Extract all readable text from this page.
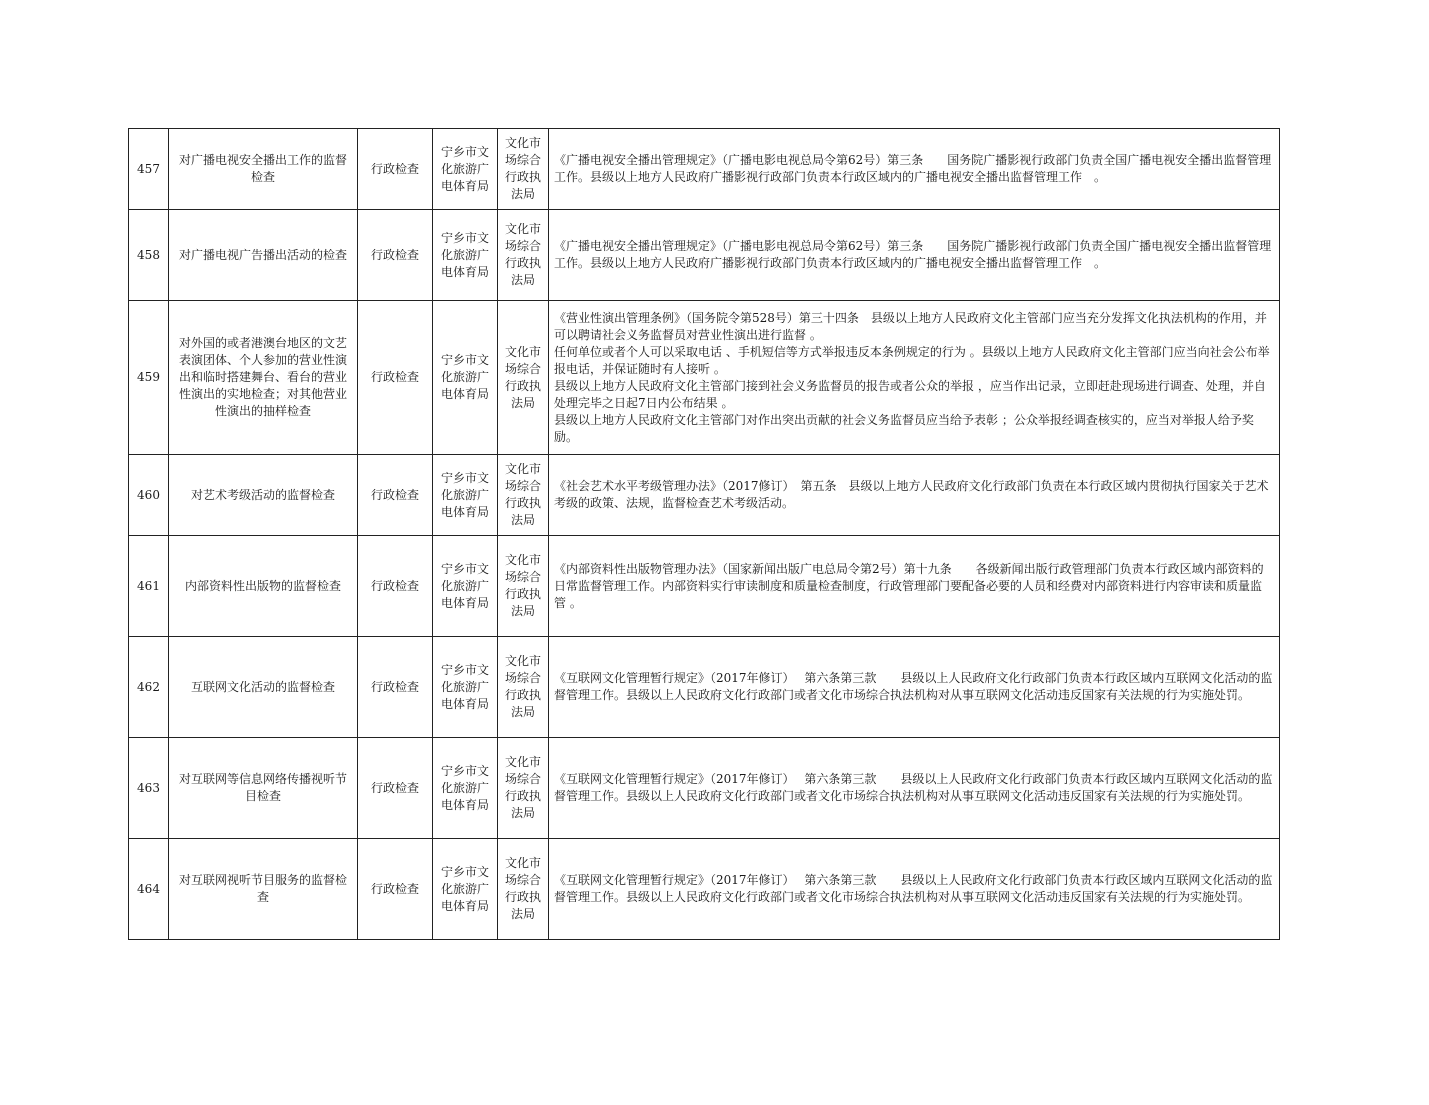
457	对广播电视安全播出工作的监督检查	行政检查	宁乡市文化旅游广电体育局	文化市场综合行政执法局	《广播电视安全播出管理规定》（广播电影电视总局令第62号）第三条　　国务院广播影视行政部门负责全国广播电视安全播出监督管理工作。县级以上地方人民政府广播影视行政部门负责本行政区域内的广播电视安全播出监督管理工作　。

458	对广播电视广告播出活动的检查	行政检查	宁乡市文化旅游广电体育局	文化市场综合行政执法局	《广播电视安全播出管理规定》（广播电影电视总局令第62号）第三条　　国务院广播影视行政部门负责全国广播电视安全播出监督管理工作。县级以上地方人民政府广播影视行政部门负责本行政区域内的广播电视安全播出监督管理工作　。

459	对外国的或者港澳台地区的文艺表演团体、个人参加的营业性演出和临时搭建舞台、看台的营业性演出的实地检查；对其他营业性演出的抽样检查	行政检查	宁乡市文化旅游广电体育局	文化市场综合行政执法局	《营业性演出管理条例》（国务院令第528号）第三十四条　县级以上地方人民政府文化主管部门应当充分发挥文化执法机构的作用，并可以聘请社会义务监督员对营业性演出进行监督 。
任何单位或者个人可以采取电话 、手机短信等方式举报违反本条例规定的行为 。县级以上地方人民政府文化主管部门应当向社会公布举报电话，并保证随时有人接听 。
县级以上地方人民政府文化主管部门接到社会义务监督员的报告或者公众的举报 ，应当作出记录，立即赶赴现场进行调查、处理，并自处理完毕之日起7日内公布结果 。
县级以上地方人民政府文化主管部门对作出突出贡献的社会义务监督员应当给予表彰 ；公众举报经调查核实的，应当对举报人给予奖励。

460	对艺术考级活动的监督检查	行政检查	宁乡市文化旅游广电体育局	文化市场综合行政执法局	《社会艺术水平考级管理办法》（2017修订）　第五条　县级以上地方人民政府文化行政部门负责在本行政区域内贯彻执行国家关于艺术考级的政策、法规，监督检查艺术考级活动。

461	内部资料性出版物的监督检查	行政检查	宁乡市文化旅游广电体育局	文化市场综合行政执法局	《内部资料性出版物管理办法》（国家新闻出版广电总局令第2号）第十九条　　各级新闻出版行政管理部门负责本行政区域内部资料的日常监督管理工作。内部资料实行审读制度和质量检查制度，行政管理部门要配备必要的人员和经费对内部资料进行内容审读和质量监管 。

462	互联网文化活动的监督检查	行政检查	宁乡市文化旅游广电体育局	文化市场综合行政执法局	《互联网文化管理暂行规定》（2017年修订）　 第六条第三款　　县级以上人民政府文化行政部门负责本行政区域内互联网文化活动的监督管理工作。县级以上人民政府文化行政部门或者文化市场综合执法机构对从事互联网文化活动违反国家有关法规的行为实施处罚。

463	对互联网等信息网络传播视听节目检查	行政检查	宁乡市文化旅游广电体育局	文化市场综合行政执法局	《互联网文化管理暂行规定》（2017年修订）　 第六条第三款　　县级以上人民政府文化行政部门负责本行政区域内互联网文化活动的监督管理工作。县级以上人民政府文化行政部门或者文化市场综合执法机构对从事互联网文化活动违反国家有关法规的行为实施处罚。

464	对互联网视听节目服务的监督检查	行政检查	宁乡市文化旅游广电体育局	文化市场综合行政执法局	《互联网文化管理暂行规定》（2017年修订）　 第六条第三款　　县级以上人民政府文化行政部门负责本行政区域内互联网文化活动的监督管理工作。县级以上人民政府文化行政部门或者文化市场综合执法机构对从事互联网文化活动违反国家有关法规的行为实施处罚。
